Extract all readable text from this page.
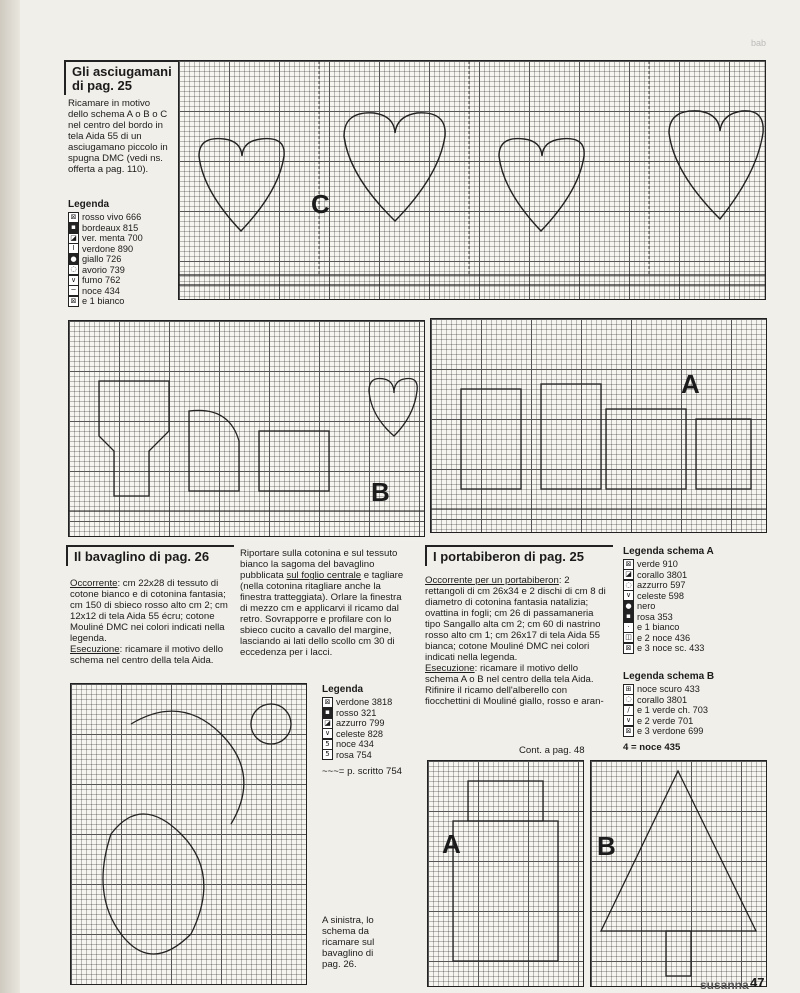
bab
Gli asciugamani di pag. 25
Ricamare in motivo dello schema A o B o C nel centro del bordo in tela Aida 55 di un asciugamano piccolo in spugna DMC (vedi ns. offerta a pag. 110).
Legenda
⊠ rosso vivo 666
▪ bordeaux 815
◪ ver. menta 700
I verdone 890
● giallo 726
◌ avorio 739
∨ fumo 762
─ noce 434
⊠ e 1 bianco
C
B
A
Il bavaglino di pag. 26
Occorrente: cm 22x28 di tessuto di cotone bianco e di cotonina fantasia; cm 150 di sbieco rosso alto cm 2; cm 12x12 di tela Aida 55 écru; cotone Mouliné DMC nei colori indicati nella legenda.
Esecuzione: ricamare il motivo dello schema nel centro della tela Aida.
Riportare sulla cotonina e sul tessuto bianco la sagoma del bavaglino pubblicata sul foglio centrale e tagliare (nella cotonina ritagliare anche la finestra tratteggiata). Orlare la finestra di mezzo cm e applicarvi il ricamo dal retro. Sovrapporre e profilare con lo sbieco cucito a cavallo del margine, lasciando ai lati dello scollo cm 30 di eccedenza per i lacci.
Legenda
⊠ verdone 3818
▪ rosso 321
◪ azzurro 799
∨ celeste 828
5 noce 434
5 rosa 754
~~~= p. scritto 754
A sinistra, lo schema da ricamare sul bavaglino di pag. 26.
I portabiberon di pag. 25
Occorrente per un portabiberon: 2 rettangoli di cm 26x34 e 2 dischi di cm 8 di diametro di cotonina fantasia natalizia; ovattina in fogli; cm 26 di passamaneria tipo Sangallo alta cm 2; cm 60 di nastrino rosso alto cm 1; cm 26x17 di tela Aida 55 bianca; cotone Mouliné DMC nei colori indicati nella legenda.
Esecuzione: ricamare il motivo dello schema A o B nel centro della tela Aida. Rifinire il ricamo dell'alberello con fiocchettini di Mouliné giallo, rosso e aran-
Cont. a pag. 48
Legenda schema A
⊠ verde 910
◪ corallo 3801
◌ azzurro 597
∨ celeste 598
● nero
▪ rosa 353
· e 1 bianco
◫ e 2 noce 436
⊠ e 3 noce sc. 433
Legenda schema B
⊞ noce scuro 433
◌ corallo 3801
∕ e 1 verde ch. 703
∨ e 2 verde 701
⊠ e 3 verdone 699
4 = noce 435
A	B
susanna 47
